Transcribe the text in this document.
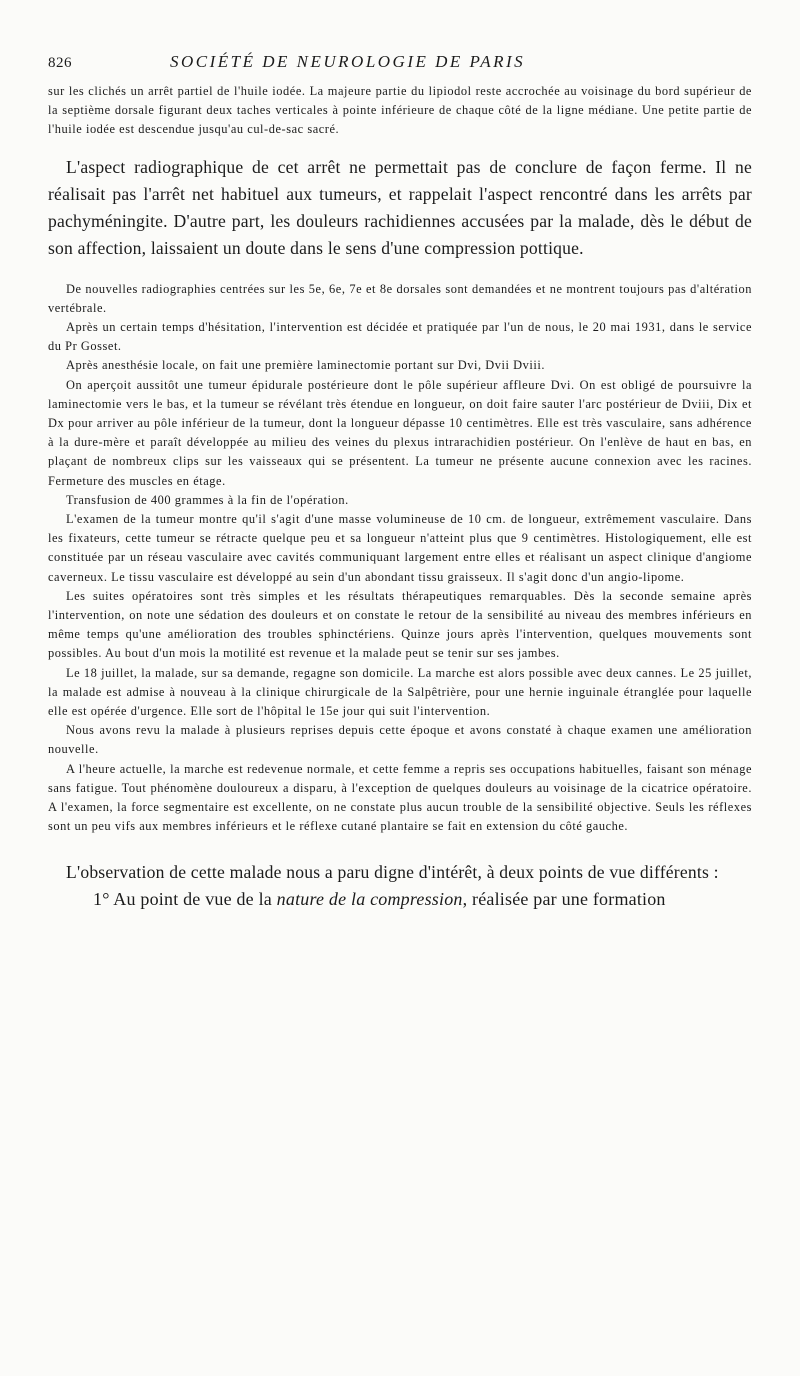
826	SOCIÉTÉ DE NEUROLOGIE DE PARIS

sur les clichés un arrêt partiel de l'huile iodée. La majeure partie du lipiodol reste accrochée au voisinage du bord supérieur de la septième dorsale figurant deux taches verticales à pointe inférieure de chaque côté de la ligne médiane. Une petite partie de l'huile iodée est descendue jusqu'au cul-de-sac sacré.

L'aspect radiographique de cet arrêt ne permettait pas de conclure de façon ferme. Il ne réalisait pas l'arrêt net habituel aux tumeurs, et rappelait l'aspect rencontré dans les arrêts par pachyméningite. D'autre part, les douleurs rachidiennes accusées par la malade, dès le début de son affection, laissaient un doute dans le sens d'une compression pottique.

De nouvelles radiographies centrées sur les 5e, 6e, 7e et 8e dorsales sont demandées et ne montrent toujours pas d'altération vertébrale.

Après un certain temps d'hésitation, l'intervention est décidée et pratiquée par l'un de nous, le 20 mai 1931, dans le service du Pr Gosset.

Après anesthésie locale, on fait une première laminectomie portant sur Dvi, Dvii Dviii.

On aperçoit aussitôt une tumeur épidurale postérieure dont le pôle supérieur affleure Dvi. On est obligé de poursuivre la laminectomie vers le bas, et la tumeur se révélant très étendue en longueur, on doit faire sauter l'arc postérieur de Dviii, Dix et Dx pour arriver au pôle inférieur de la tumeur, dont la longueur dépasse 10 centimètres. Elle est très vasculaire, sans adhérence à la dure-mère et paraît développée au milieu des veines du plexus intrarachidien postérieur. On l'enlève de haut en bas, en plaçant de nombreux clips sur les vaisseaux qui se présentent. La tumeur ne présente aucune connexion avec les racines. Fermeture des muscles en étage.

Transfusion de 400 grammes à la fin de l'opération.

L'examen de la tumeur montre qu'il s'agit d'une masse volumineuse de 10 cm. de longueur, extrêmement vasculaire. Dans les fixateurs, cette tumeur se rétracte quelque peu et sa longueur n'atteint plus que 9 centimètres. Histologiquement, elle est constituée par un réseau vasculaire avec cavités communiquant largement entre elles et réalisant un aspect clinique d'angiome caverneux. Le tissu vasculaire est développé au sein d'un abondant tissu graisseux. Il s'agit donc d'un angio-lipome.

Les suites opératoires sont très simples et les résultats thérapeutiques remarquables. Dès la seconde semaine après l'intervention, on note une sédation des douleurs et on constate le retour de la sensibilité au niveau des membres inférieurs en même temps qu'une amélioration des troubles sphinctériens. Quinze jours après l'intervention, quelques mouvements sont possibles. Au bout d'un mois la motilité est revenue et la malade peut se tenir sur ses jambes.

Le 18 juillet, la malade, sur sa demande, regagne son domicile. La marche est alors possible avec deux cannes. Le 25 juillet, la malade est admise à nouveau à la clinique chirurgicale de la Salpêtrière, pour une hernie inguinale étranglée pour laquelle elle est opérée d'urgence. Elle sort de l'hôpital le 15e jour qui suit l'intervention.

Nous avons revu la malade à plusieurs reprises depuis cette époque et avons constaté à chaque examen une amélioration nouvelle.

A l'heure actuelle, la marche est redevenue normale, et cette femme a repris ses occupations habituelles, faisant son ménage sans fatigue. Tout phénomène douloureux a disparu, à l'exception de quelques douleurs au voisinage de la cicatrice opératoire. A l'examen, la force segmentaire est excellente, on ne constate plus aucun trouble de la sensibilité objective. Seuls les réflexes sont un peu vifs aux membres inférieurs et le réflexe cutané plantaire se fait en extension du côté gauche.

L'observation de cette malade nous a paru digne d'intérêt, à deux points de vue différents :

1° Au point de vue de la nature de la compression, réalisée par une formation
